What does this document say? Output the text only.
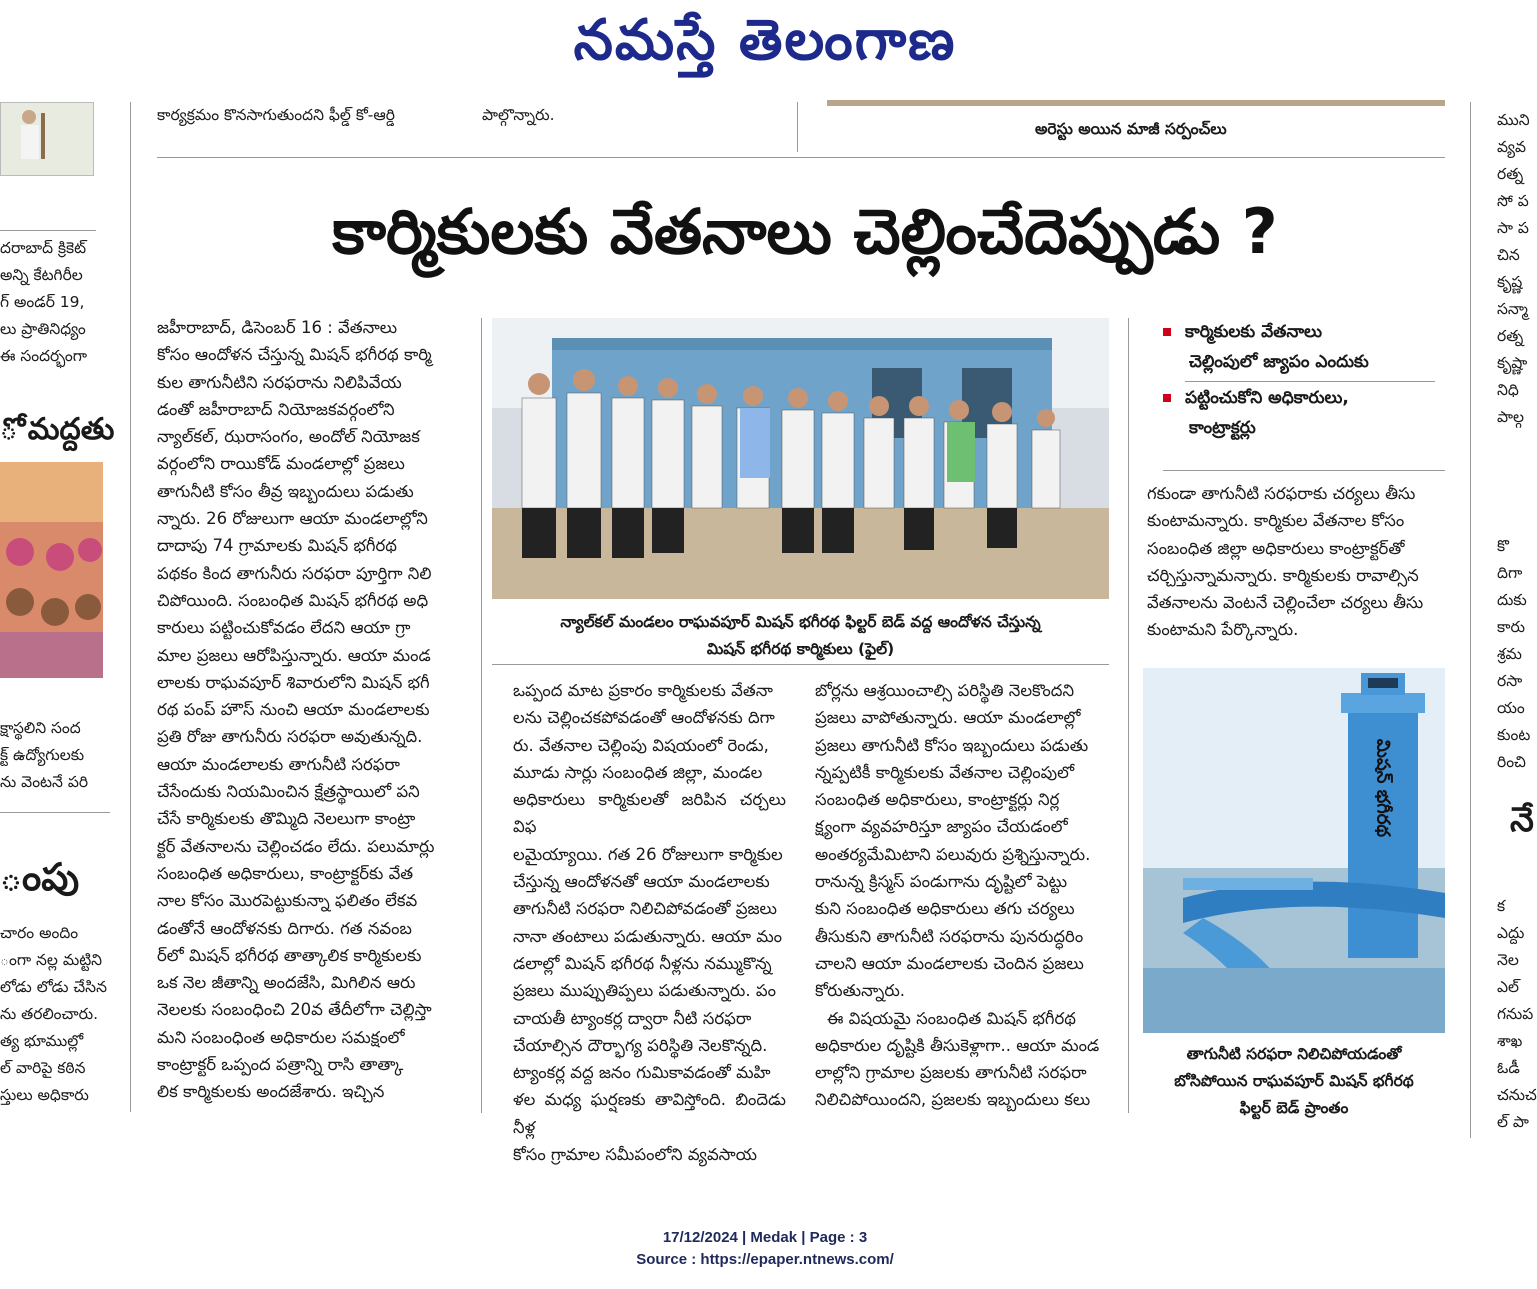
నమస్తే తెలంగాణ
కార్యక్రమం కొనసాగుతుందని ఫీల్డ్ కో-ఆర్డి	పాల్గొన్నారు.
అరెస్టు అయిన మాజీ సర్పంచ్‌లు
కార్మికులకు వేతనాలు చెల్లించేదెప్పుడు ?

జహీరాబాద్, డిసెంబర్ 16 : వేతనాలు

కోసం ఆందోళన చేస్తున్న మిషన్ భగీరథ కార్మి

కుల తాగునీటిని సరఫరాను నిలిపివేయ

డంతో జహీరాబాద్ నియోజకవర్గంలోని

న్యాల్‌కల్, ఝరాసంగం, అందోల్ నియోజక

వర్గంలోని రాయికోడ్ మండలాల్లో ప్రజలు

తాగునీటి కోసం తీవ్ర ఇబ్బందులు పడుతు

న్నారు. 26 రోజులుగా ఆయా మండలాల్లోని

దాదాపు 74 గ్రామాలకు మిషన్ భగీరథ

పథకం కింద తాగునీరు సరఫరా పూర్తిగా నిలి

చిపోయింది. సంబంధిత మిషన్ భగీరథ అధి

కారులు పట్టించుకోవడం లేదని ఆయా గ్రా

మాల ప్రజలు ఆరోపిస్తున్నారు. ఆయా మండ

లాలకు రాఘవపూర్ శివారులోని మిషన్ భగీ

రథ పంప్ హౌస్ నుంచి ఆయా మండలాలకు

ప్రతి రోజు తాగునీరు సరఫరా అవుతున్నది.

ఆయా మండలాలకు తాగునీటి సరఫరా

చేసేందుకు నియమించిన క్షేత్రస్థాయిలో పని

చేసే కార్మికులకు తొమ్మిది నెలలుగా కాంట్రా

క్టర్ వేతనాలను చెల్లించడం లేదు. పలుమార్లు

సంబంధిత అధికారులు, కాంట్రాక్టర్‌కు వేత

నాల కోసం మొరపెట్టుకున్నా ఫలితం లేకవ

డంతోనే ఆందోళనకు దిగారు. గత నవంబ

ర్‌లో మిషన్ భగీరథ తాత్కాలిక కార్మికులకు

ఒక నెల జీతాన్ని అందజేసి, మిగిలిన ఆరు

నెలలకు సంబంధించి 20వ తేదీలోగా చెల్లిస్తా

మని సంబంధింత అధికారుల సమక్షంలో

కాంట్రాక్టర్ ఒప్పంద పత్రాన్ని రాసి తాత్కా

లిక కార్మికులకు అందజేశారు. ఇచ్చిన

న్యాల్‌కల్ మండలం రాఘవపూర్ మిషన్ భగీరథ ఫిల్టర్ బెడ్ వద్ద ఆందోళన చేస్తున్న
మిషన్ భగీరథ కార్మికులు (ఫైల్)

ఒప్పంద మాట ప్రకారం కార్మికులకు వేతనా

లను చెల్లించకపోవడంతో ఆందోళనకు దిగా

రు. వేతనాల చెల్లింపు విషయంలో రెండు,

మూడు సార్లు సంబంధిత జిల్లా, మండల

అధికారులు కార్మికులతో జరిపిన చర్చలు విఫ

లమైయ్యాయి. గత 26 రోజులుగా కార్మికుల

చేస్తున్న ఆందోళనతో ఆయా మండలాలకు

తాగునీటి సరఫరా నిలిచిపోవడంతో ప్రజలు

నానా తంటాలు పడుతున్నారు. ఆయా మం

డలాల్లో మిషన్ భగీరథ నీళ్లను నమ్ముకొన్న

ప్రజలు ముప్పుతిప్పలు పడుతున్నారు. పం

చాయతీ ట్యాంకర్ల ద్వారా నీటి సరఫరా

చేయాల్సిన దౌర్భాగ్య పరిస్థితి నెలకొన్నది.

ట్యాంకర్ల వద్ద జనం గుమికావడంతో మహి

ళల మధ్య ఘర్షణకు తావిస్తోంది. బిందెడు నీళ్ల

కోసం గ్రామాల సమీపంలోని వ్యవసాయ

బోర్లను ఆశ్రయించాల్సి పరిస్థితి నెలకొందని

ప్రజలు వాపోతున్నారు. ఆయా మండలాల్లో

ప్రజలు తాగునీటి కోసం ఇబ్బందులు పడుతు

న్నప్పటికీ కార్మికులకు వేతనాల చెల్లింపులో

సంబంధిత అధికారులు, కాంట్రాక్టర్లు నిర్ల

క్ష్యంగా వ్యవహరిస్తూ జ్యాపం చేయడంలో

అంతర్యమేమిటాని పలువురు ప్రశ్నిస్తున్నారు.

రానున్న క్రిస్మస్ పండుగాను దృష్టిలో పెట్టు

కుని సంబంధిత అధికారులు తగు చర్యలు

తీసుకుని తాగునీటి సరఫరాను పునరుద్ధరిం

చాలని ఆయా మండలాలకు చెందిన ప్రజలు

కోరుతున్నారు.

ఈ విషయమై సంబంధిత మిషన్ భగీరథ

అధికారుల దృష్టికి తీసుకెళ్లాగా.. ఆయా మండ

లాల్లోని గ్రామాల ప్రజలకు తాగునీటి సరఫరా

నిలిచిపోయిందని, ప్రజలకు ఇబ్బందులు కలు

కార్మికులకు వేతనాలు
చెల్లింపులో జ్యాపం ఎందుకు
పట్టించుకోని అధికారులు,
కాంట్రాక్టర్లు

గకుండా తాగునీటి సరఫరాకు చర్యలు తీసు

కుంటామన్నారు. కార్మికుల వేతనాల కోసం

సంబంధిత జిల్లా అధికారులు కాంట్రాక్టర్‌తో

చర్చిస్తున్నామన్నారు. కార్మికులకు రావాల్సిన

వేతనాలను వెంటనే చెల్లించేలా చర్యలు తీసు

కుంటామని పేర్కొన్నారు.

మిషన్ భగీరథ
తాగునీటి సరఫరా నిలిచిపోయడంతో
బోసిపోయిన రాఘవపూర్ మిషన్ భగీరథ
ఫిల్టర్ బెడ్ ప్రాంతం
దరాబాద్ క్రికెట్
అన్ని కేటగిరీల
గ్ అండర్ 19,
లు ప్రాతినిధ్యం
ఈ సందర్భంగా
ో మద్దతు
క్షాస్థలిని సంద
క్ట్ ఉద్యోగులకు
ను వెంటనే పరి
ంపు
చారం అందిం
ంగా నల్ల మట్టిని
లోడు లోడు చేసిన
ను తరలించారు.
త్య భూముల్లో
ల్ వారిపై కఠిన
స్తులు అధికారు
ముని
వ్యవ
రత్న
సో ప
సా ప
చిన
కృష్ణ
సన్మా
రత్న
కృష్ణా
నిధి
పాల్గ
కొ
దిగా
దుకు
కారు
శ్రమ
రసా
యం
కుంట
రించి
నే
క
ఎద్దు
నెల
ఎల్
గనుప
శాఖ
ఓడీ
చనుచ
ల్ పా
17/12/2024 | Medak | Page : 3
Source : https://epaper.ntnews.com/
